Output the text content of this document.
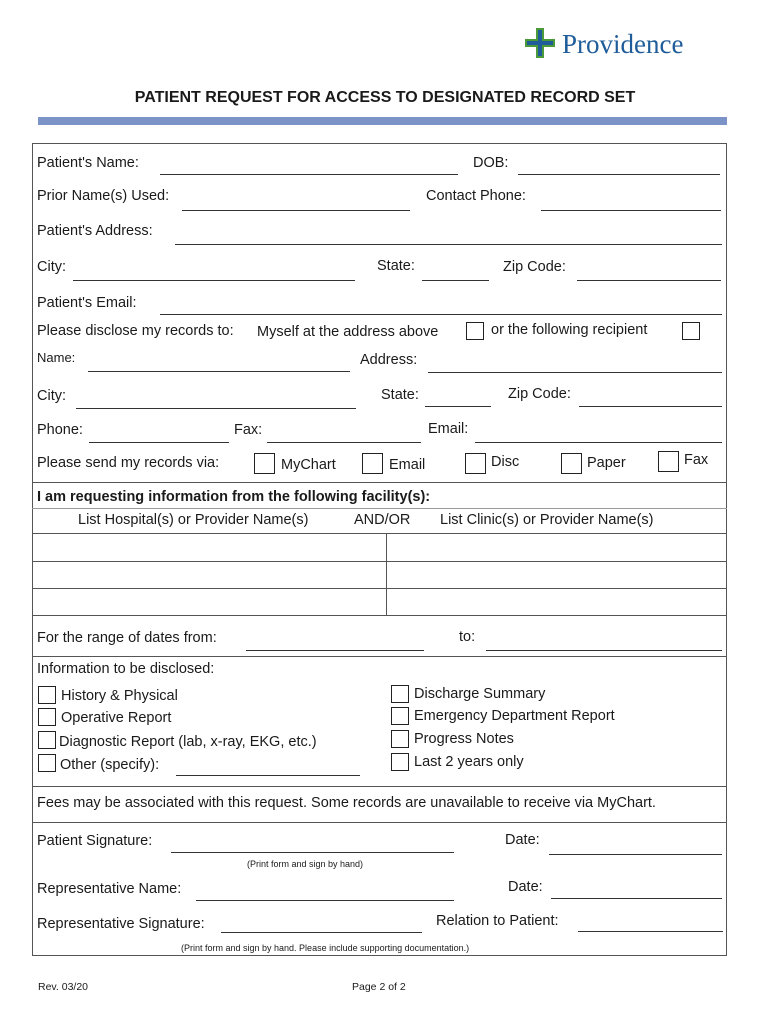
Providence
PATIENT REQUEST FOR ACCESS TO DESIGNATED RECORD SET
Patient's Name:	DOB:
Prior Name(s) Used:	Contact Phone:
Patient's Address:
City:	State:	Zip Code:
Patient's Email:
Please disclose my records to: Myself at the address above	or the following recipient
Name:	Address:
City:	State:	Zip Code:
Phone:	Fax:	Email:
Please send my records via:	MyChart	Email	Disc	Paper	Fax
I am requesting information from the following facility(s):
List Hospital(s) or Provider Name(s)	AND/OR List Clinic(s) or Provider Name(s)
For the range of dates from:	to:
Information to be disclosed:
History & Physical
Operative Report
Diagnostic Report (lab, x-ray, EKG, etc.)
Other (specify):
Discharge Summary
Emergency Department Report
Progress Notes
Last 2 years only
Fees may be associated with this request. Some records are unavailable to receive via MyChart.
Patient Signature:	Date:
(Print form and sign by hand)
Representative Name:	Date:
Representative Signature:	Relation to Patient:
(Print form and sign by hand. Please include supporting documentation.)
Rev. 03/20	Page 2 of 2
